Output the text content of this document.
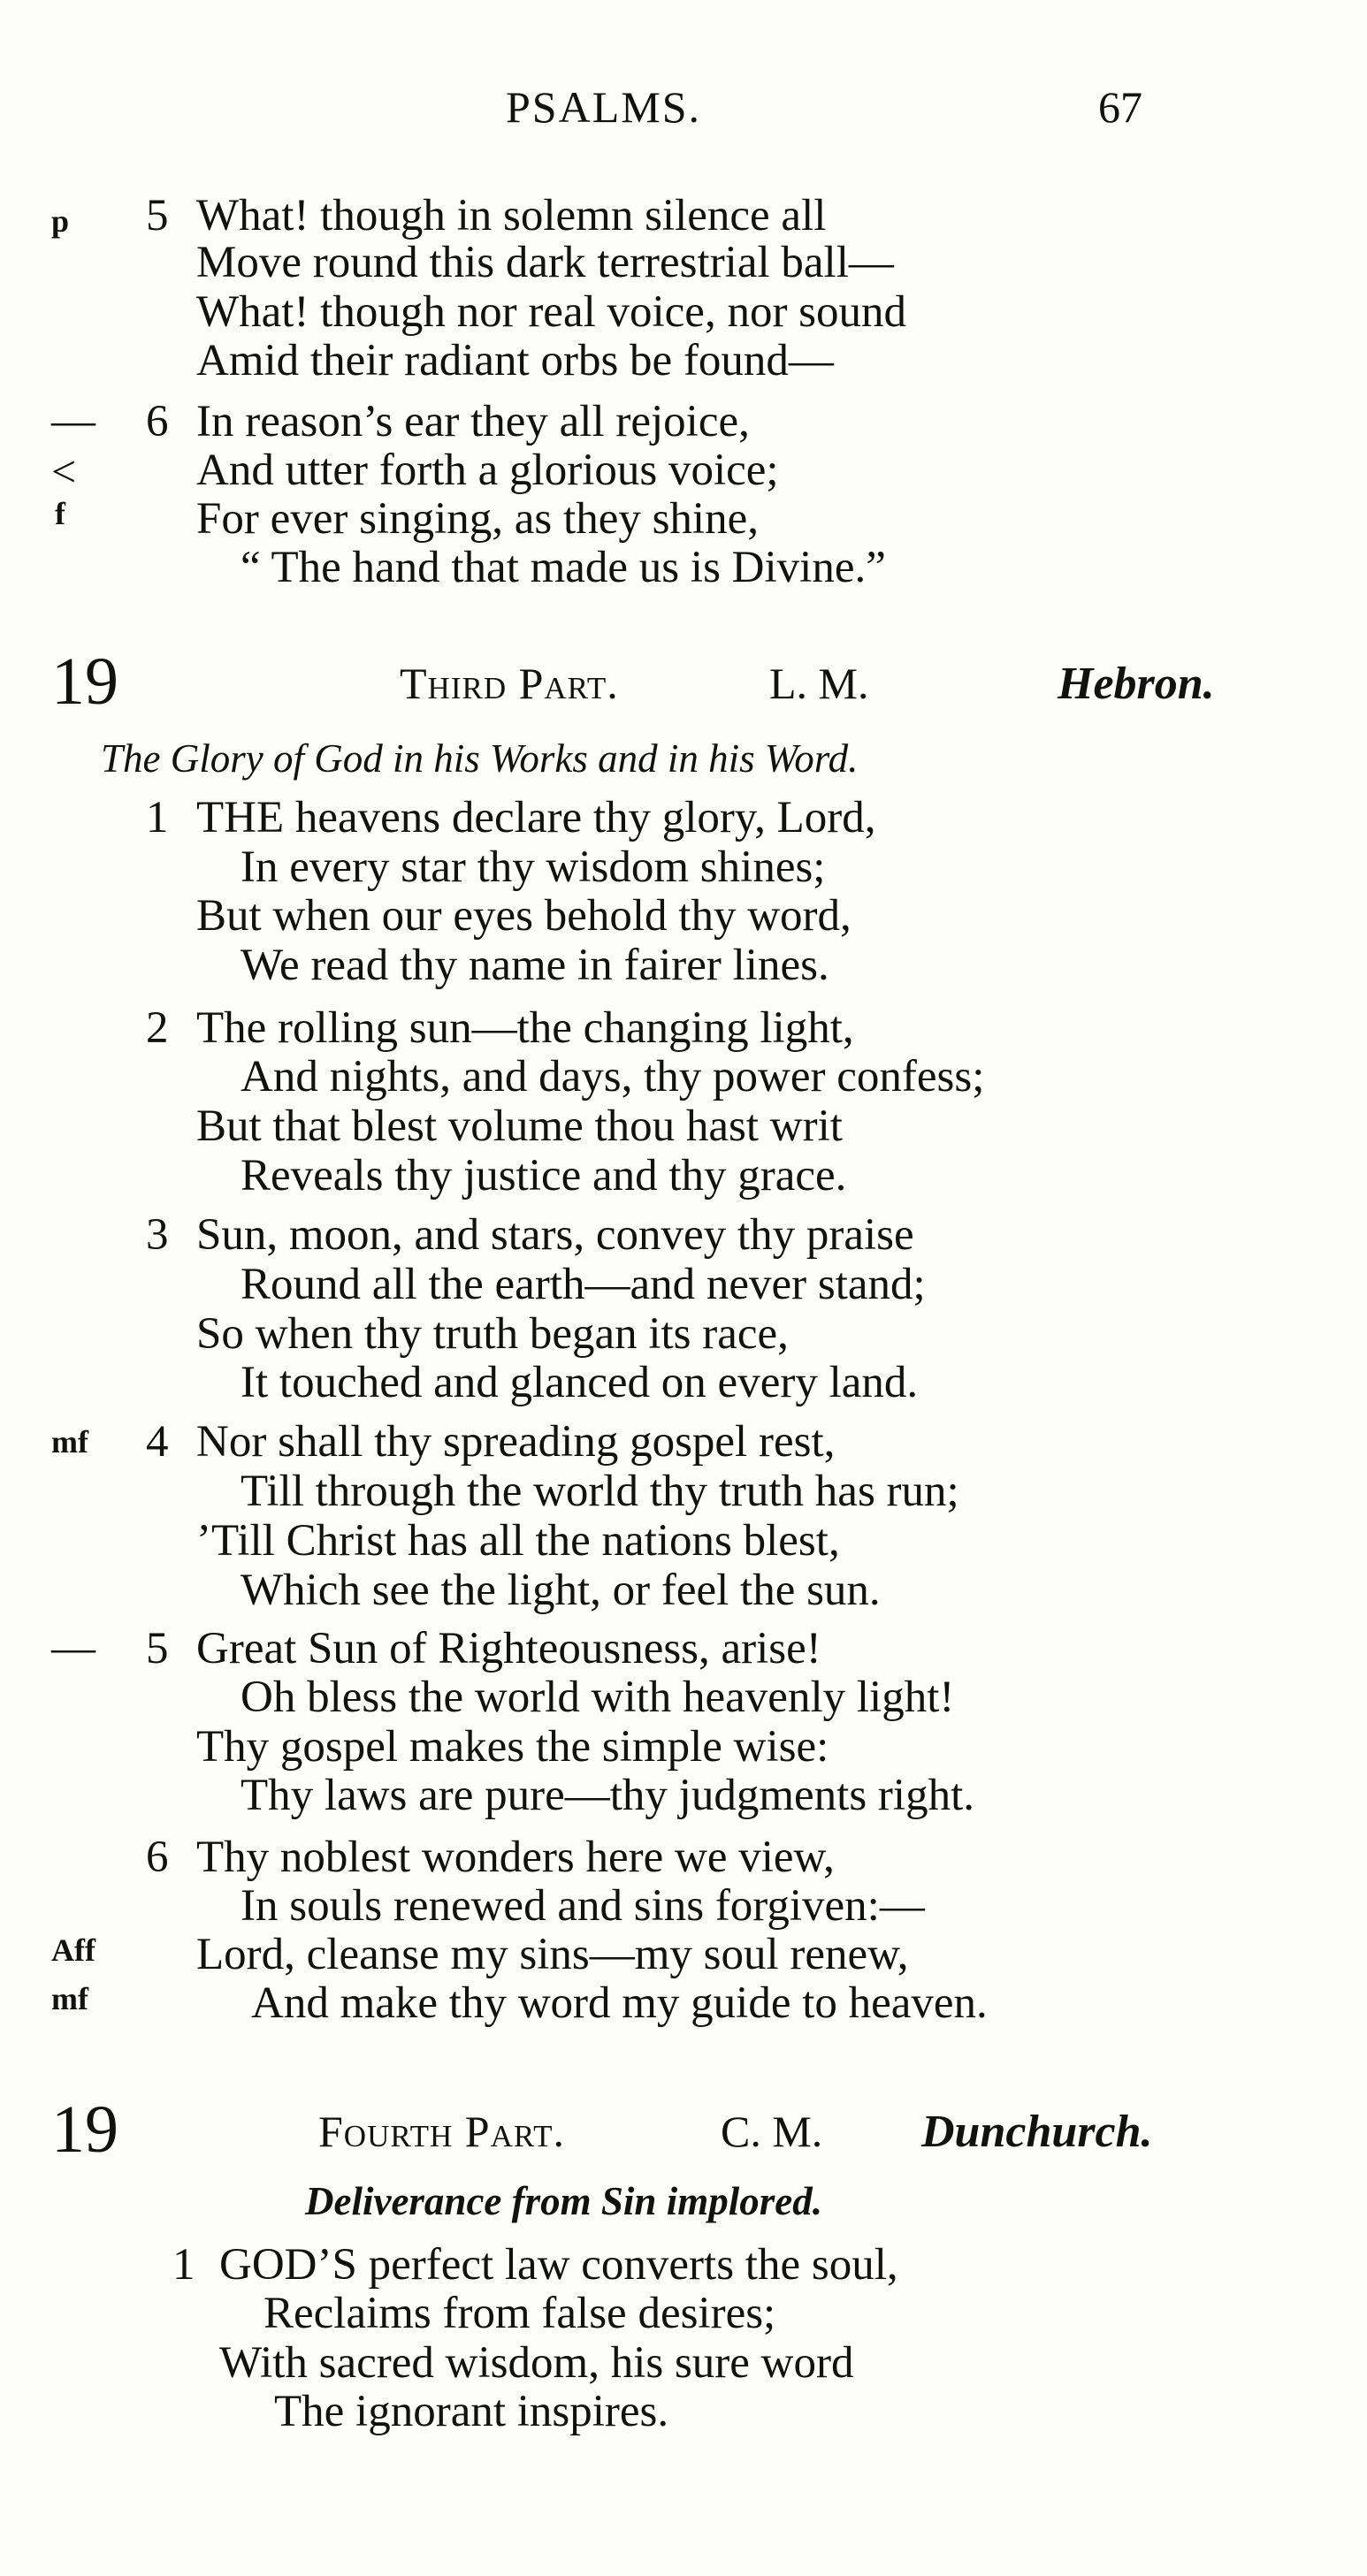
PSALMS.	67
p 5 What! though in solemn silence all
Move round this dark terrestrial ball—
What! though nor real voice, nor sound
Amid their radiant orbs be found—
— 6 In reason’s ear they all rejoice,
<	And utter forth a glorious voice;
f	For ever singing, as they shine,
“ The hand that made us is Divine.”
19	Third Part.	L. M.	Hebron.
The Glory of God in his Works and in his Word.
1 THE heavens declare thy glory, Lord,
In every star thy wisdom shines;
But when our eyes behold thy word,
We read thy name in fairer lines.
2 The rolling sun—the changing light,
And nights, and days, thy power confess;
But that blest volume thou hast writ
Reveals thy justice and thy grace.
3 Sun, moon, and stars, convey thy praise
Round all the earth—and never stand;
So when thy truth began its race,
It touched and glanced on every land.
mf 4 Nor shall thy spreading gospel rest,
Till through the world thy truth has run;
’Till Christ has all the nations blest,
Which see the light, or feel the sun.
— 5 Great Sun of Righteousness, arise!
Oh bless the world with heavenly light!
Thy gospel makes the simple wise:
Thy laws are pure—thy judgments right.
6 Thy noblest wonders here we view,
In souls renewed and sins forgiven:—
Aff Lord, cleanse my sins—my soul renew,
mf	And make thy word my guide to heaven.
19	Fourth Part.	C. M. Dunchurch.
Deliverance from Sin implored.
1 GOD’S perfect law converts the soul,
Reclaims from false desires;
With sacred wisdom, his sure word
The ignorant inspires.
